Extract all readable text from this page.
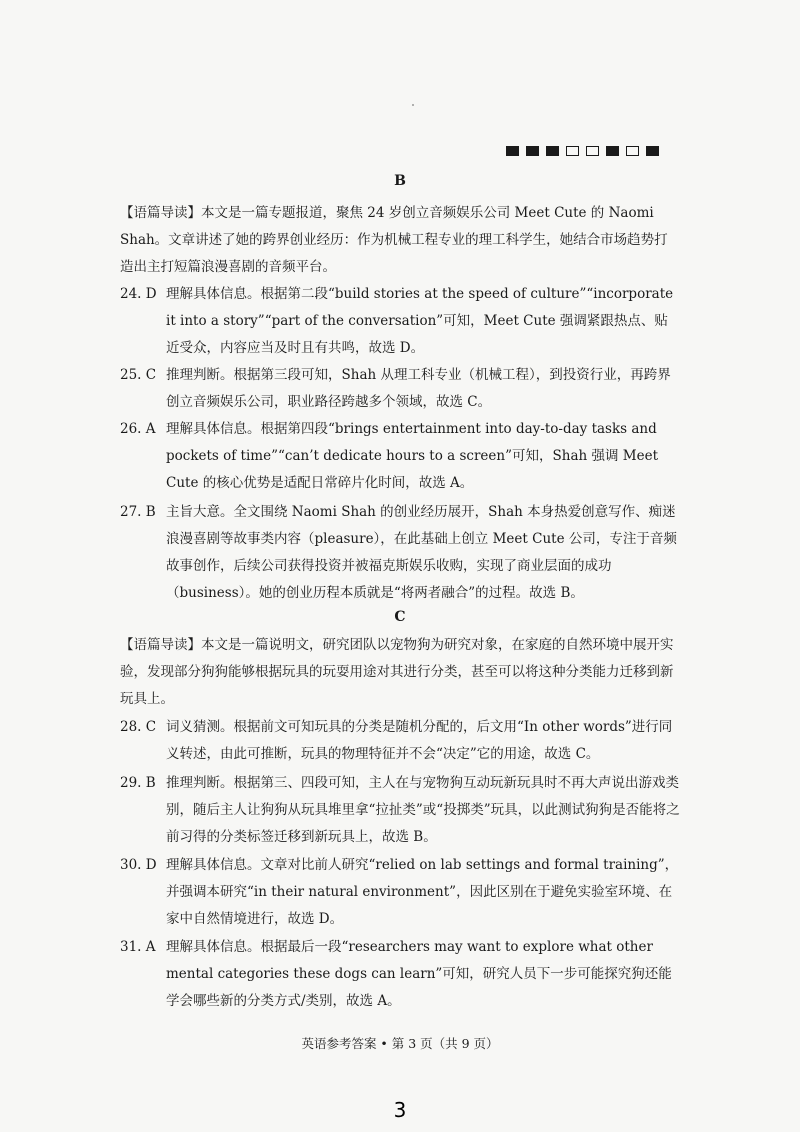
B
【语篇导读】本文是一篇专题报道，聚焦 24 岁创立音频娱乐公司 Meet Cute 的 Naomi Shah。文章讲述了她的跨界创业经历：作为机械工程专业的理工科学生，她结合市场趋势打造出主打短篇浪漫喜剧的音频平台。
24. D 理解具体信息。根据第二段“build stories at the speed of culture”“incorporate it into a story”“part of the conversation”可知，Meet Cute 强调紧跟热点、贴近受众，内容应当及时且有共鸣，故选 D。
25. C 推理判断。根据第三段可知，Shah 从理工科专业（机械工程），到投资行业，再跨界创立音频娱乐公司，职业路径跨越多个领域，故选 C。
26. A 理解具体信息。根据第四段“brings entertainment into day-to-day tasks and pockets of time”“can’t dedicate hours to a screen”可知，Shah 强调 Meet Cute 的核心优势是适配日常碎片化时间，故选 A。
27. B 主旨大意。全文围绕 Naomi Shah 的创业经历展开，Shah 本身热爱创意写作、痴迷浪漫喜剧等故事类内容（pleasure），在此基础上创立 Meet Cute 公司，专注于音频故事创作，后续公司获得投资并被福克斯娱乐收购，实现了商业层面的成功（business）。她的创业历程本质就是“将两者融合”的过程。故选 B。
C
【语篇导读】本文是一篇说明文，研究团队以宠物狗为研究对象，在家庭的自然环境中展开实验，发现部分狗狗能够根据玩具的玩耍用途对其进行分类，甚至可以将这种分类能力迁移到新玩具上。
28. C 词义猜测。根据前文可知玩具的分类是随机分配的，后文用“In other words”进行同义转述，由此可推断，玩具的物理特征并不会“决定”它的用途，故选 C。
29. B 推理判断。根据第三、四段可知，主人在与宠物狗互动玩新玩具时不再大声说出游戏类别，随后主人让狗狗从玩具堆里拿“拉扯类”或“投掷类”玩具，以此测试狗狗是否能将之前习得的分类标签迁移到新玩具上，故选 B。
30. D 理解具体信息。文章对比前人研究“relied on lab settings and formal training”，并强调本研究“in their natural environment”，因此区别在于避免实验室环境、在家中自然情境进行，故选 D。
31. A 理解具体信息。根据最后一段“researchers may want to explore what other mental categories these dogs can learn”可知，研究人员下一步可能探究狗还能学会哪些新的分类方式/类别，故选 A。
英语参考答案 • 第 3 页（共 9 页）
3
